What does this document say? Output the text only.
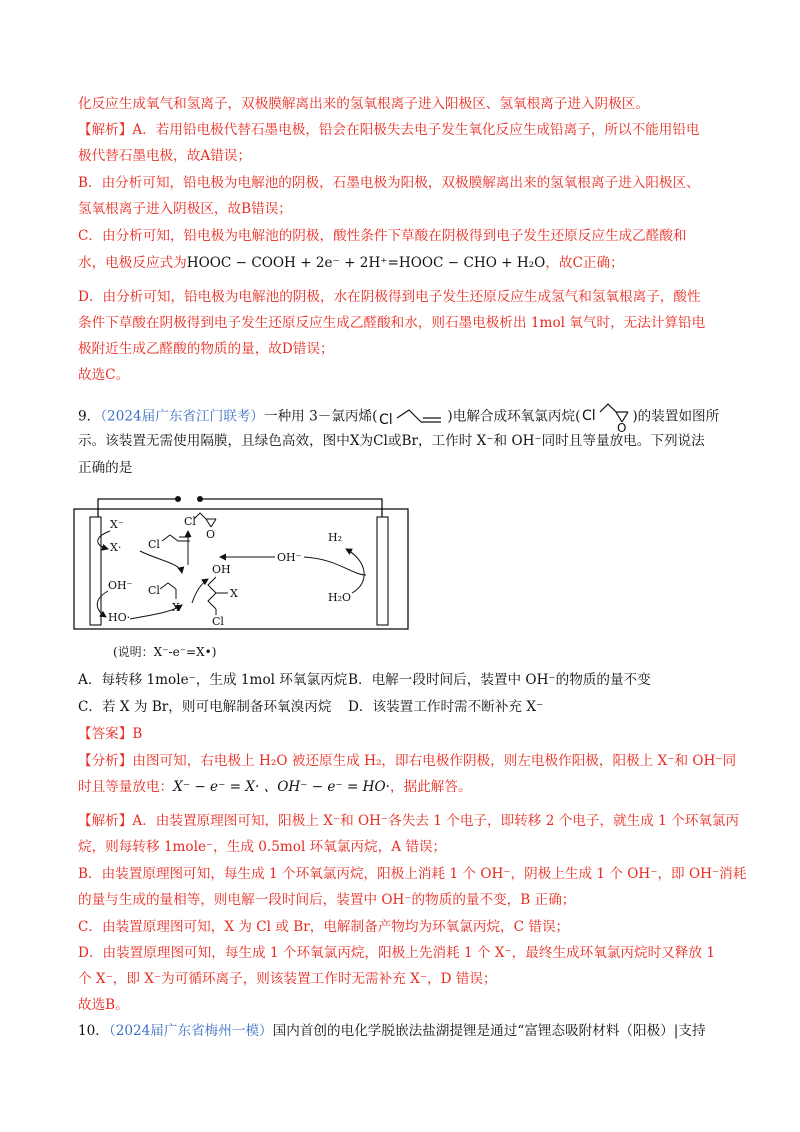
化反应生成氧气和氢离子，双极膜解离出来的氢氧根离子进入阳极区、氢氧根离子进入阴极区。
【解析】A．若用铅电极代替石墨电极，铅会在阳极失去电子发生氧化反应生成铅离子，所以不能用铅电
极代替石墨电极，故A错误；
B．由分析可知，铅电极为电解池的阴极，石墨电极为阳极，双极膜解离出来的氢氧根离子进入阳极区、
氢氧根离子进入阴极区，故B错误；
C．由分析可知，铅电极为电解池的阴极，酸性条件下草酸在阴极得到电子发生还原反应生成乙醛酸和
水，电极反应式为HOOC − COOH + 2e⁻ + 2H⁺=HOOC − CHO + H₂O，故C正确；
D．由分析可知，铅电极为电解池的阴极，水在阴极得到电子发生还原反应生成氢气和氢氧根离子，酸性
条件下草酸在阴极得到电子发生还原反应生成乙醛酸和水，则石墨电极析出 1mol 氧气时，无法计算铅电
极附近生成乙醛酸的物质的量，故D错误；
故选C。
9．（2024届广东省江门联考）一种用 3－氯丙烯( Cl	)电解合成环氧氯丙烷( Cl
O
)的装置如图所
示。该装置无需使用隔膜，且绿色高效，图中X为Cl或Br，工作时 X⁻和 OH⁻同时且等量放电。下列说法
正确的是
X⁻
X·
OH⁻
HO·
Cl
Cl
O	H₂
OH⁻
H₂O
Cl
X
OH
X
Cl
(说明：X⁻-e⁻=X•)
A．每转移 1mole⁻，生成 1mol 环氧氯丙烷 B．电解一段时间后，装置中 OH⁻的物质的量不变
C．若 X 为 Br，则可电解制备环氧溴丙烷 D．该装置工作时需不断补充 X⁻
【答案】B
【分析】由图可知，右电极上 H₂O 被还原生成 H₂，即右电极作阴极，则左电极作阳极，阳极上 X⁻和 OH⁻同
时且等量放电：X⁻ − e⁻ = X· 、OH⁻ − e⁻ = HO·，据此解答。
【解析】A．由装置原理图可知，阳极上 X⁻和 OH⁻各失去 1 个电子，即转移 2 个电子，就生成 1 个环氧氯丙
烷，则每转移 1mole⁻，生成 0.5mol 环氧氯丙烷，A 错误；
B．由装置原理图可知，每生成 1 个环氧氯丙烷，阳极上消耗 1 个 OH⁻，阴极上生成 1 个 OH⁻，即 OH⁻消耗
的量与生成的量相等，则电解一段时间后，装置中 OH⁻的物质的量不变，B 正确；
C．由装置原理图可知，X 为 Cl 或 Br，电解制备产物均为环氧氯丙烷，C 错误；
D．由装置原理图可知，每生成 1 个环氧氯丙烷，阳极上先消耗 1 个 X⁻，最终生成环氧氯丙烷时又释放 1
个 X⁻，即 X⁻为可循环离子，则该装置工作时无需补充 X⁻，D 错误；
故选B。
10．（2024届广东省梅州一模）国内首创的电化学脱嵌法盐湖提锂是通过“富锂态吸附材料（阳极）|支持
